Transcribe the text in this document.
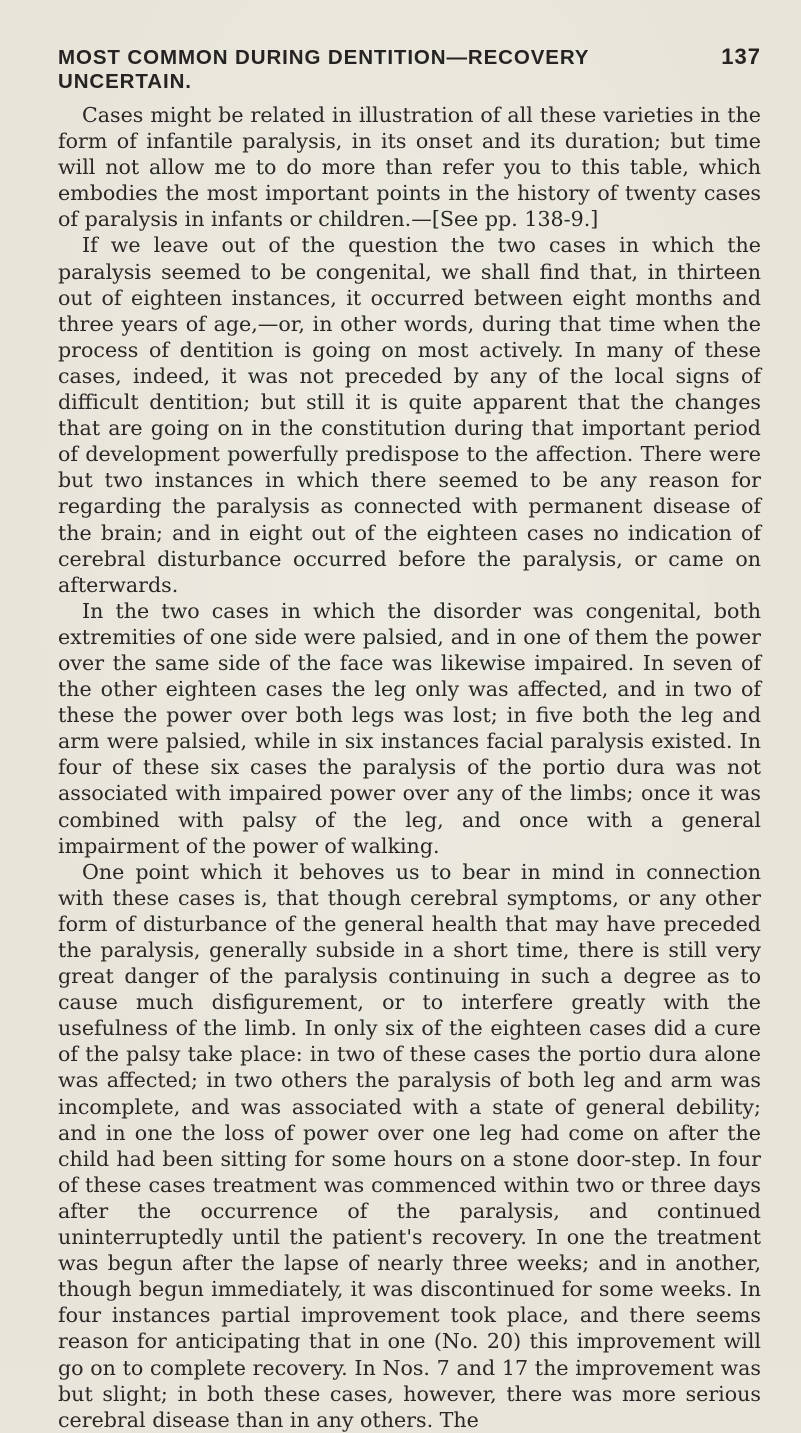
MOST COMMON DURING DENTITION—RECOVERY UNCERTAIN.
137

Cases might be related in illustration of all these varieties in the form of infantile paralysis, in its onset and its duration; but time will not allow me to do more than refer you to this table, which embodies the most important points in the history of twenty cases of paralysis in infants or children.—[See pp. 138-9.]

If we leave out of the question the two cases in which the paralysis seemed to be congenital, we shall find that, in thirteen out of eighteen instances, it occurred between eight months and three years of age,—or, in other words, during that time when the process of dentition is going on most actively. In many of these cases, indeed, it was not preceded by any of the local signs of difficult dentition; but still it is quite apparent that the changes that are going on in the constitution during that important period of development powerfully predispose to the affection. There were but two instances in which there seemed to be any reason for regarding the paralysis as connected with permanent disease of the brain; and in eight out of the eighteen cases no indication of cerebral disturbance occurred before the paralysis, or came on afterwards.

In the two cases in which the disorder was congenital, both extremities of one side were palsied, and in one of them the power over the same side of the face was likewise impaired. In seven of the other eighteen cases the leg only was affected, and in two of these the power over both legs was lost; in five both the leg and arm were palsied, while in six instances facial paralysis existed. In four of these six cases the paralysis of the portio dura was not associated with impaired power over any of the limbs; once it was combined with palsy of the leg, and once with a general impairment of the power of walking.

One point which it behoves us to bear in mind in connection with these cases is, that though cerebral symptoms, or any other form of disturbance of the general health that may have preceded the paralysis, generally subside in a short time, there is still very great danger of the paralysis continuing in such a degree as to cause much disfigurement, or to interfere greatly with the usefulness of the limb. In only six of the eighteen cases did a cure of the palsy take place: in two of these cases the portio dura alone was affected; in two others the paralysis of both leg and arm was incomplete, and was associated with a state of general debility; and in one the loss of power over one leg had come on after the child had been sitting for some hours on a stone door-step. In four of these cases treatment was commenced within two or three days after the occurrence of the paralysis, and continued uninterruptedly until the patient's recovery. In one the treatment was begun after the lapse of nearly three weeks; and in another, though begun immediately, it was discontinued for some weeks. In four instances partial improvement took place, and there seems reason for anticipating that in one (No. 20) this improvement will go on to complete recovery. In Nos. 7 and 17 the improvement was but slight; in both these cases, however, there was more serious cerebral disease than in any others. The
